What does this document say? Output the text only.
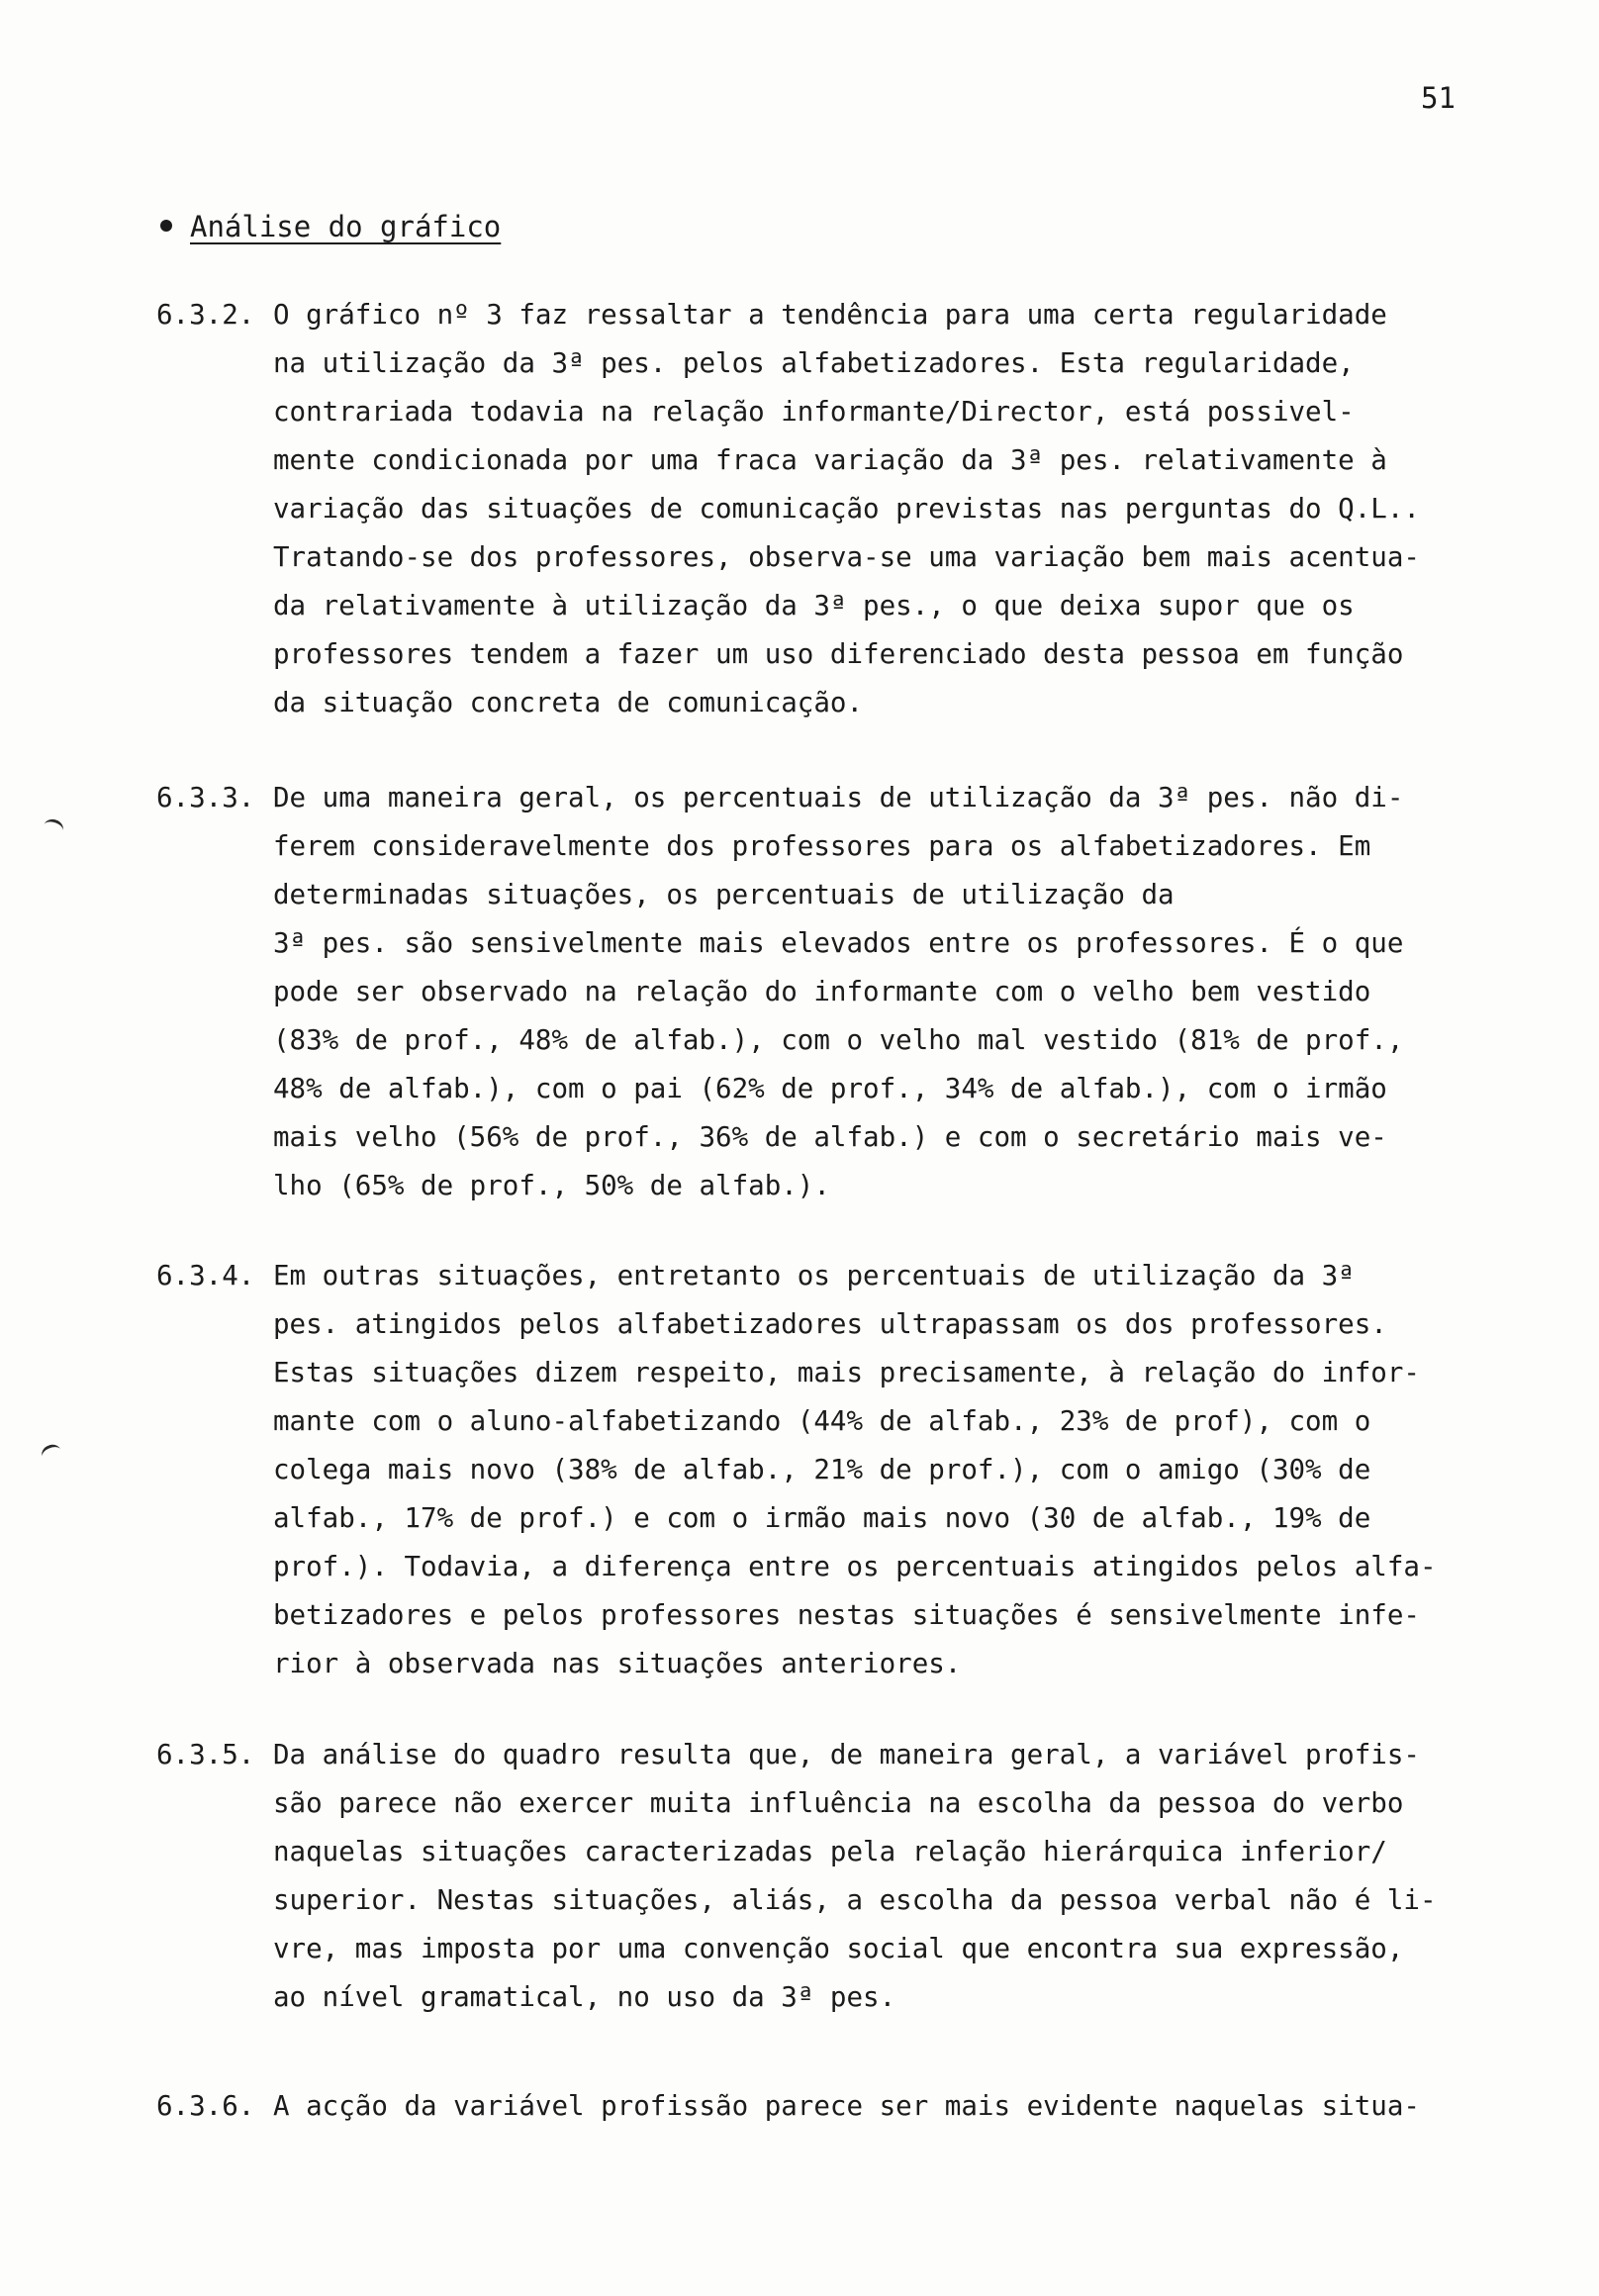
51
Análise do gráfico
6.3.2. O gráfico nº 3 faz ressaltar a tendência para uma certa regularidade
na utilização da 3ª pes. pelos alfabetizadores. Esta regularidade,
contrariada todavia na relação informante/Director, está possivel-
mente condicionada por uma fraca variação da 3ª pes. relativamente à
variação das situações de comunicação previstas nas perguntas do Q.L..
Tratando-se dos professores, observa-se uma variação bem mais acentua-
da relativamente à utilização da 3ª pes., o que deixa supor que os
professores tendem a fazer um uso diferenciado desta pessoa em função
da situação concreta de comunicação.
6.3.3. De uma maneira geral, os percentuais de utilização da 3ª pes. não di-
ferem consideravelmente dos professores para os alfabetizadores. Em
determinadas situações, os percentuais de utilização da
3ª pes. são sensivelmente mais elevados entre os professores. É o que
pode ser observado na relação do informante com o velho bem vestido
(83% de prof., 48% de alfab.), com o velho mal vestido (81% de prof.,
48% de alfab.), com o pai (62% de prof., 34% de alfab.), com o irmão
mais velho (56% de prof., 36% de alfab.) e com o secretário mais ve-
lho (65% de prof., 50% de alfab.).
6.3.4. Em outras situações, entretanto os percentuais de utilização da 3ª
pes. atingidos pelos alfabetizadores ultrapassam os dos professores.
Estas situações dizem respeito, mais precisamente, à relação do infor-
mante com o aluno-alfabetizando (44% de alfab., 23% de prof), com o
colega mais novo (38% de alfab., 21% de prof.), com o amigo (30% de
alfab., 17% de prof.) e com o irmão mais novo (30 de alfab., 19% de
prof.). Todavia, a diferença entre os percentuais atingidos pelos alfa-
betizadores e pelos professores nestas situações é sensivelmente infe-
rior à observada nas situações anteriores.
6.3.5. Da análise do quadro resulta que, de maneira geral, a variável profis-
são parece não exercer muita influência na escolha da pessoa do verbo
naquelas situações caracterizadas pela relação hierárquica inferior/
superior. Nestas situações, aliás, a escolha da pessoa verbal não é li-
vre, mas imposta por uma convenção social que encontra sua expressão,
ao nível gramatical, no uso da 3ª pes.
6.3.6. A acção da variável profissão parece ser mais evidente naquelas situa-
